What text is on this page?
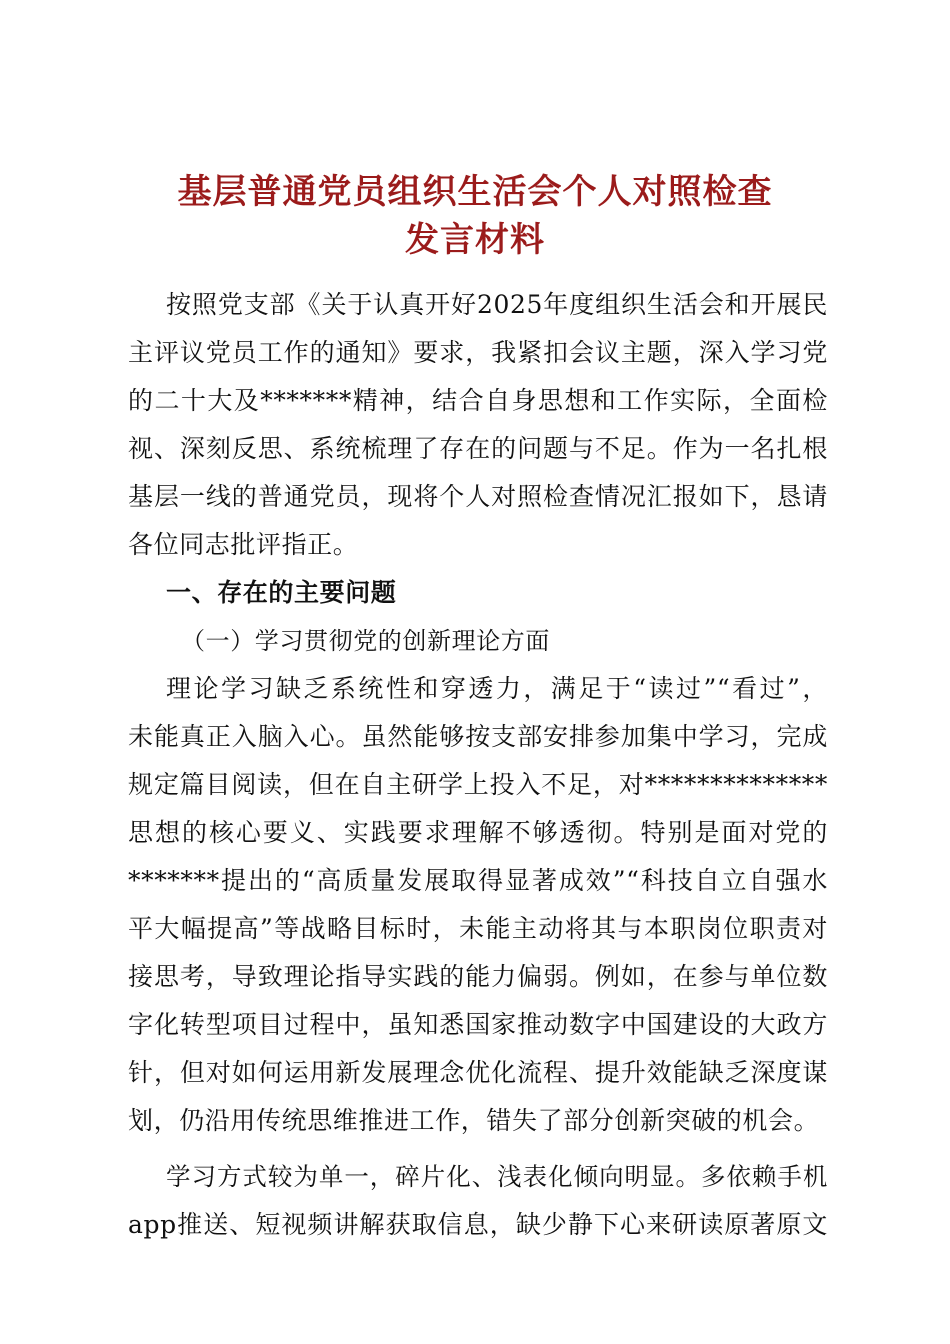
基层普通党员组织生活会个人对照检查
发言材料
按照党支部《关于认真开好2025年度组织生活会和开展民
主评议党员工作的通知》要求，我紧扣会议主题，深入学习党
的二十大及*******精神，结合自身思想和工作实际，全面检
视、深刻反思、系统梳理了存在的问题与不足。作为一名扎根
基层一线的普通党员，现将个人对照检查情况汇报如下，恳请
各位同志批评指正。
一、存在的主要问题
（一）学习贯彻党的创新理论方面
理论学习缺乏系统性和穿透力，满足于“读过”“看过”，
未能真正入脑入心。虽然能够按支部安排参加集中学习，完成
规定篇目阅读，但在自主研学上投入不足，对**************
思想的核心要义、实践要求理解不够透彻。特别是面对党的
*******提出的“高质量发展取得显著成效”“科技自立自强水
平大幅提高”等战略目标时，未能主动将其与本职岗位职责对
接思考，导致理论指导实践的能力偏弱。例如，在参与单位数
字化转型项目过程中，虽知悉国家推动数字中国建设的大政方
针，但对如何运用新发展理念优化流程、提升效能缺乏深度谋
划，仍沿用传统思维推进工作，错失了部分创新突破的机会。
学习方式较为单一，碎片化、浅表化倾向明显。多依赖手机
app推送、短视频讲解获取信息，缺少静下心来研读原著原文
